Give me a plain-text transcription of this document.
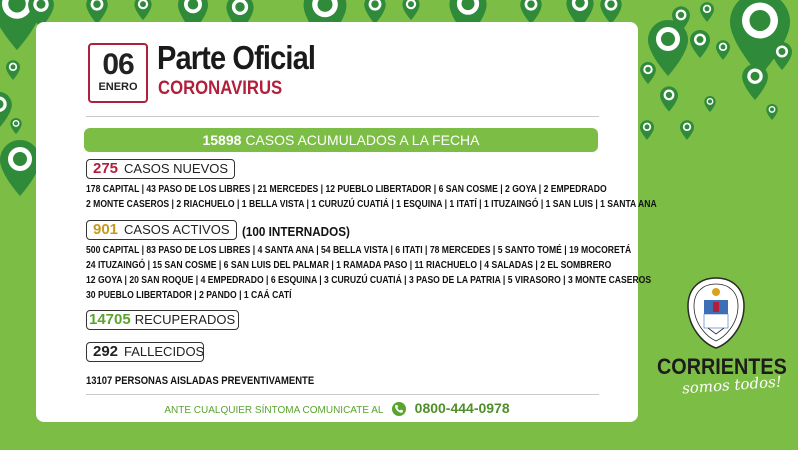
06
ENERO
Parte Oficial
CORONAVIRUS
15898 CASOS ACUMULADOS A LA FECHA
275 CASOS NUEVOS
178 CAPITAL | 43 PASO DE LOS LIBRES | 21 MERCEDES | 12 PUEBLO LIBERTADOR | 6 SAN COSME | 2 GOYA | 2 EMPEDRADO
2 MONTE CASEROS | 2 RIACHUELO | 1 BELLA VISTA | 1 CURUZÚ CUATIÁ | 1 ESQUINA | 1 ITATÍ | 1 ITUZAINGÓ | 1 SAN LUIS | 1 SANTA ANA
901 CASOS ACTIVOS (100 INTERNADOS)
500 CAPITAL | 83 PASO DE LOS LIBRES | 4 SANTA ANA | 54 BELLA VISTA | 6 ITATI | 78 MERCEDES | 5 SANTO TOMÉ | 19 MOCORETÁ
24 ITUZAINGÓ | 15 SAN COSME | 6 SAN LUIS DEL PALMAR | 1 RAMADA PASO | 11 RIACHUELO | 4 SALADAS | 2 EL SOMBRERO
12 GOYA | 20 SAN ROQUE | 4 EMPEDRADO | 6 ESQUINA | 3 CURUZÚ CUATIÁ | 3 PASO DE LA PATRIA | 5 VIRASORO | 3 MONTE CASEROS
30 PUEBLO LIBERTADOR | 2 PANDO | 1 CAÁ CATÍ
14705 RECUPERADOS
292 FALLECIDOS
13107 PERSONAS AISLADAS PREVENTIVAMENTE
ANTE CUALQUIER SÍNTOMA COMUNICATE AL 0800-444-0978
CORRIENTES
somos todos!
